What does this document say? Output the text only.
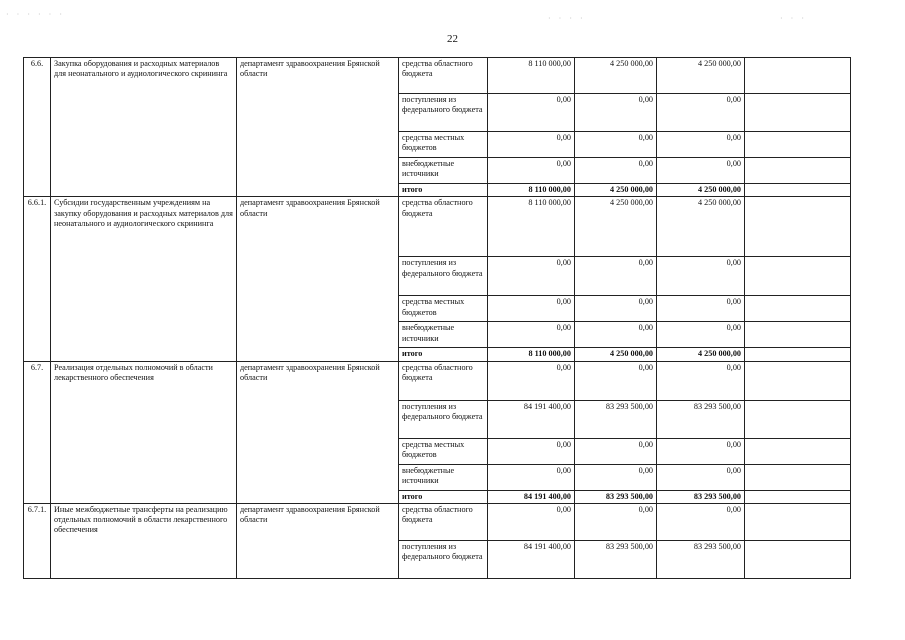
· · · · · ·	· · · ·	· · ·
22
6.6.	Закупка оборудования и расходных материалов для неонатального и аудиологического скрининга	департамент здравоохранения Брянской области	средства областного бюджета	8 110 000,00	4 250 000,00	4 250 000,00	
			поступления из федерального бюджета	0,00	0,00	0,00	
			средства местных бюджетов	0,00	0,00	0,00	
			внебюджетные источники	0,00	0,00	0,00	
			итого	8 110 000,00	4 250 000,00	4 250 000,00	
6.6.1.	Субсидии государственным учреждениям на закупку оборудования и расходных материалов для неонатального и аудиологического скрининга	департамент здравоохранения Брянской области	средства областного бюджета	8 110 000,00	4 250 000,00	4 250 000,00	
			поступления из федерального бюджета	0,00	0,00	0,00	
			средства местных бюджетов	0,00	0,00	0,00	
			внебюджетные источники	0,00	0,00	0,00	
			итого	8 110 000,00	4 250 000,00	4 250 000,00	
6.7.	Реализация отдельных полномочий в области лекарственного обеспечения	департамент здравоохранения Брянской области	средства областного бюджета	0,00	0,00	0,00	
			поступления из федерального бюджета	84 191 400,00	83 293 500,00	83 293 500,00	
			средства местных бюджетов	0,00	0,00	0,00	
			внебюджетные источники	0,00	0,00	0,00	
			итого	84 191 400,00	83 293 500,00	83 293 500,00	
6.7.1.	Иные межбюджетные трансферты на реализацию отдельных полномочий в области лекарственного обеспечения	департамент здравоохранения Брянской области	средства областного бюджета	0,00	0,00	0,00	
			поступления из федерального бюджета	84 191 400,00	83 293 500,00	83 293 500,00	
